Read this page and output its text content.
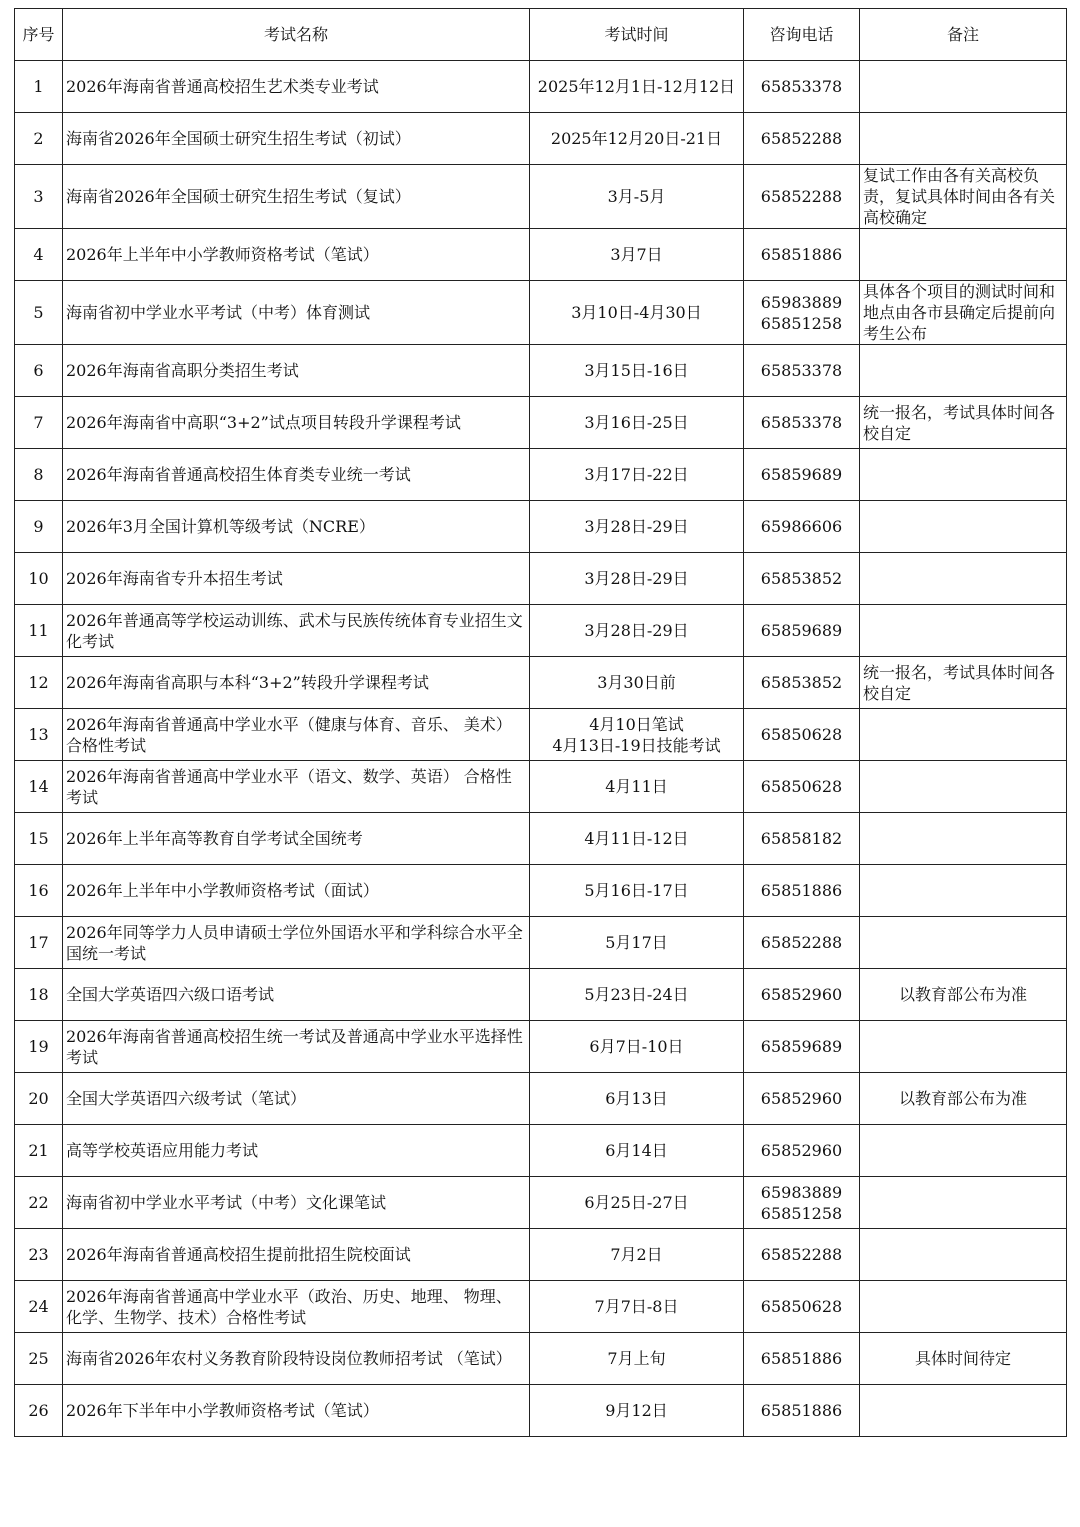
序号	考试名称	考试时间	咨询电话	备注

1	2026年海南省普通高校招生艺术类专业考试	2025年12月1日-12月12日	65853378	

2	海南省2026年全国硕士研究生招生考试（初试）	2025年12月20日-21日	65852288	

3	海南省2026年全国硕士研究生招生考试（复试）	3月-5月	65852288	复试工作由各有关高校负责，复试具体时间由各有关高校确定

4	2026年上半年中小学教师资格考试（笔试）	3月7日	65851886	

5	海南省初中学业水平考试（中考）体育测试	3月10日-4月30日	65983889
65851258	具体各个项目的测试时间和地点由各市县确定后提前向考生公布

6	2026年海南省高职分类招生考试	3月15日-16日	65853378	

7	2026年海南省中高职“3+2”试点项目转段升学课程考试	3月16日-25日	65853378	统一报名，考试具体时间各校自定

8	2026年海南省普通高校招生体育类专业统一考试	3月17日-22日	65859689	

9	2026年3月全国计算机等级考试（NCRE）	3月28日-29日	65986606	

10	2026年海南省专升本招生考试	3月28日-29日	65853852	

11	2026年普通高等学校运动训练、武术与民族传统体育专业招生文化考试	3月28日-29日	65859689	

12	2026年海南省高职与本科“3+2”转段升学课程考试	3月30日前	65853852	统一报名，考试具体时间各校自定

13	2026年海南省普通高中学业水平（健康与体育、音乐、 美术）合格性考试	4月10日笔试
4月13日-19日技能考试	65850628	

14	2026年海南省普通高中学业水平（语文、数学、英语） 合格性考试	4月11日	65850628	

15	2026年上半年高等教育自学考试全国统考	4月11日-12日	65858182	

16	2026年上半年中小学教师资格考试（面试）	5月16日-17日	65851886	

17	2026年同等学力人员申请硕士学位外国语水平和学科综合水平全国统一考试	5月17日	65852288	

18	全国大学英语四六级口语考试	5月23日-24日	65852960	以教育部公布为准

19	2026年海南省普通高校招生统一考试及普通高中学业水平选择性考试	6月7日-10日	65859689	

20	全国大学英语四六级考试（笔试）	6月13日	65852960	以教育部公布为准

21	高等学校英语应用能力考试	6月14日	65852960	

22	海南省初中学业水平考试（中考）文化课笔试	6月25日-27日	65983889
65851258	

23	2026年海南省普通高校招生提前批招生院校面试	7月2日	65852288	

24	2026年海南省普通高中学业水平（政治、历史、地理、 物理、化学、生物学、技术）合格性考试	7月7日-8日	65850628	

25	海南省2026年农村义务教育阶段特设岗位教师招考试 （笔试）	7月上旬	65851886	具体时间待定

26	2026年下半年中小学教师资格考试（笔试）	9月12日	65851886	
